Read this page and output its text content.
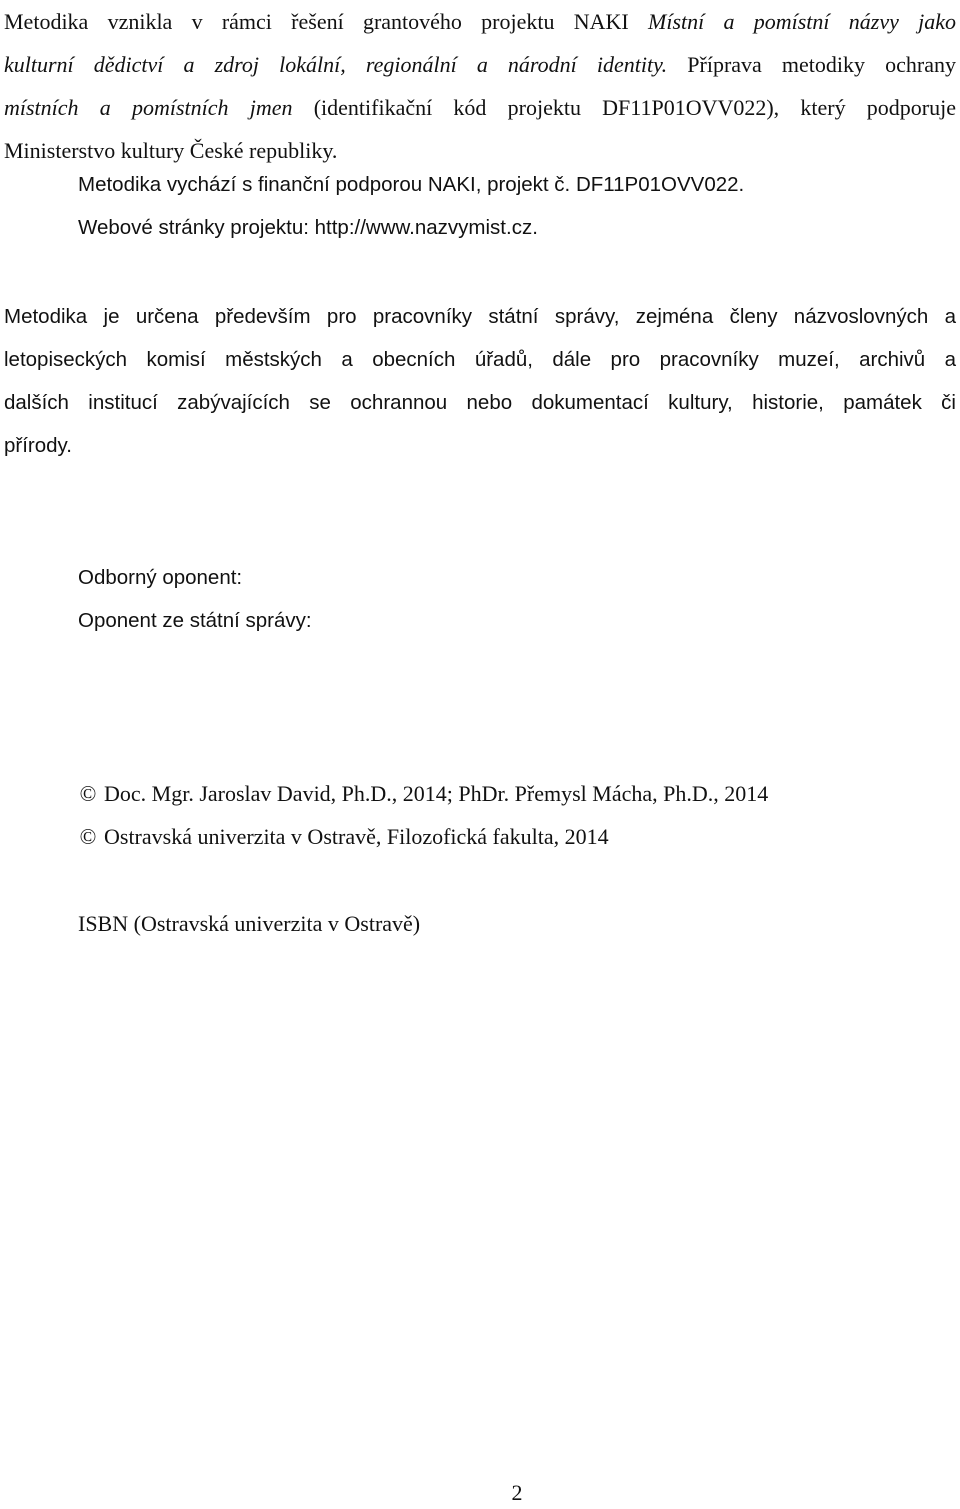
Metodika vznikla v rámci řešení grantového projektu NAKI Místní a pomístní názvy jako
kulturní dědictví a zdroj lokální, regionální a národní identity. Příprava metodiky ochrany
místních a pomístních jmen (identifikační kód projektu DF11P01OVV022), který podporuje
Ministerstvo kultury České republiky.
Metodika vychází s finanční podporou NAKI, projekt č. DF11P01OVV022.
Webové stránky projektu: http://www.nazvymist.cz.
Metodika je určena především pro pracovníky státní správy, zejména členy názvoslovných a
letopiseckých komisí městských a obecních úřadů, dále pro pracovníky muzeí, archivů a
dalších institucí zabývajících se ochrannou nebo dokumentací kultury, historie, památek či
přírody.
Odborný oponent:
Oponent ze státní správy:
© Doc. Mgr. Jaroslav David, Ph.D., 2014; PhDr. Přemysl Mácha, Ph.D., 2014
© Ostravská univerzita v Ostravě, Filozofická fakulta, 2014
ISBN (Ostravská univerzita v Ostravě)

2
